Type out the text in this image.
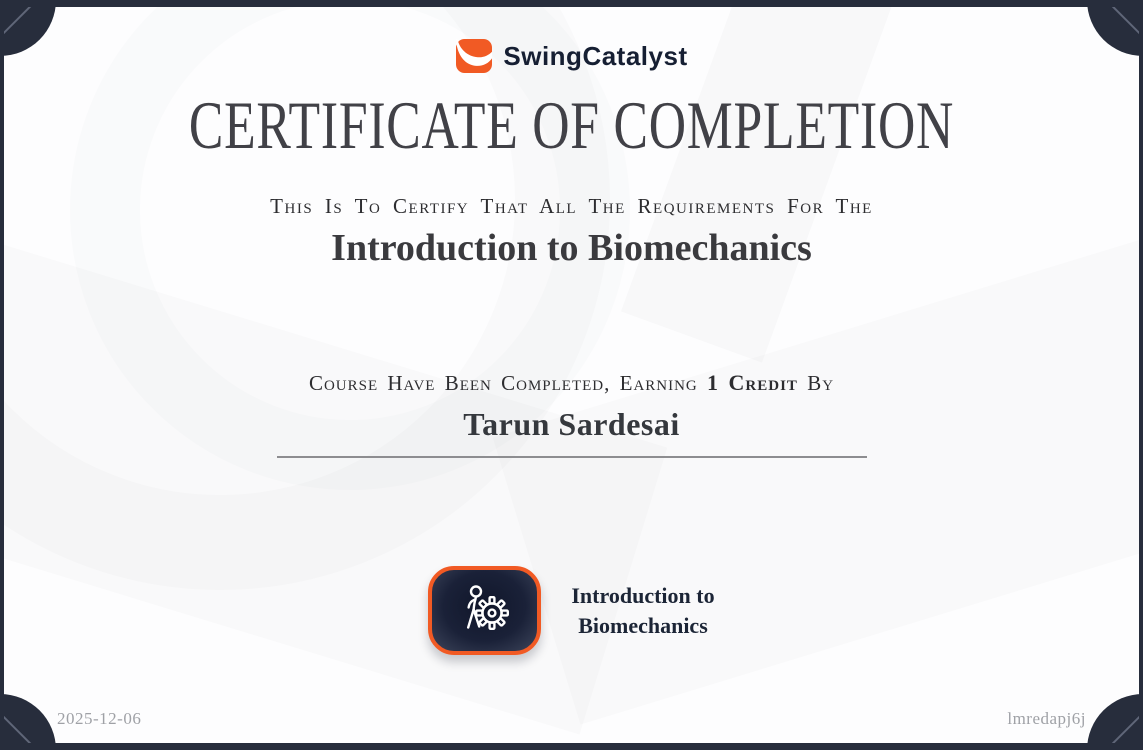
SwingCatalyst
CERTIFICATE OF COMPLETION
This Is To Certify That All The Requirements For The
Introduction to Biomechanics
Course Have Been Completed, Earning 1 Credit By
Tarun Sardesai
Introduction to
Biomechanics
2025-12-06	lmredapj6j
